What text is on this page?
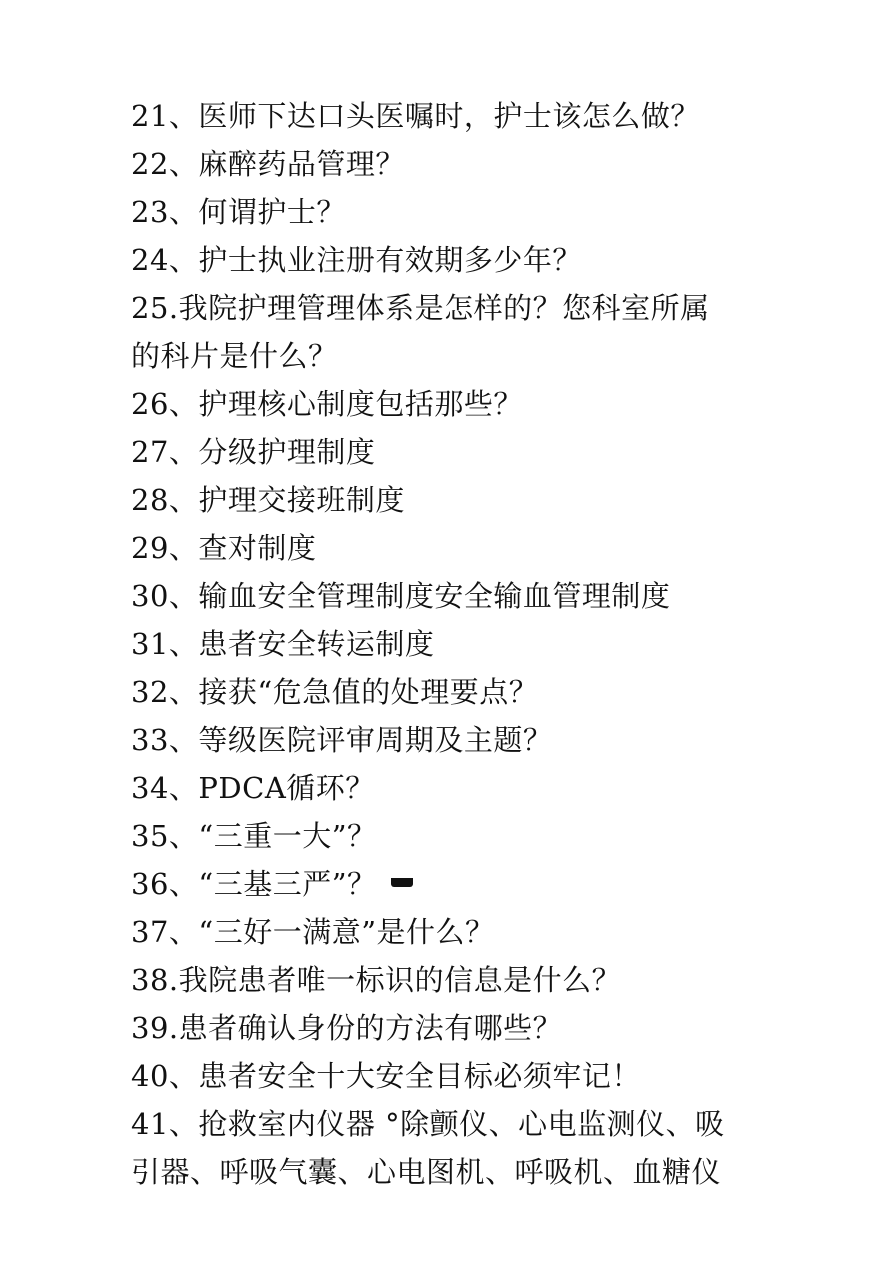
21、医师下达口头医嘱时，护士该怎么做？
22、麻醉药品管理？
23、何谓护士？
24、护士执业注册有效期多少年？
25.我院护理管理体系是怎样的？您科室所属
的科片是什么？
26、护理核心制度包括那些？
27、分级护理制度
28、护理交接班制度
29、查对制度
30、输血安全管理制度安全输血管理制度
31、患者安全转运制度
32、接获“危急值的处理要点？
33、等级医院评审周期及主题？
34、PDCA循环？
35、“三重一大”？
36、“三基三严”？
37、“三好一满意”是什么？
38.我院患者唯一标识的信息是什么？
39.患者确认身份的方法有哪些？
40、患者安全十大安全目标必须牢记！
41、抢救室内仪器 °除颤仪、心电监测仪、吸
引器、呼吸气囊、心电图机、呼吸机、血糖仪
